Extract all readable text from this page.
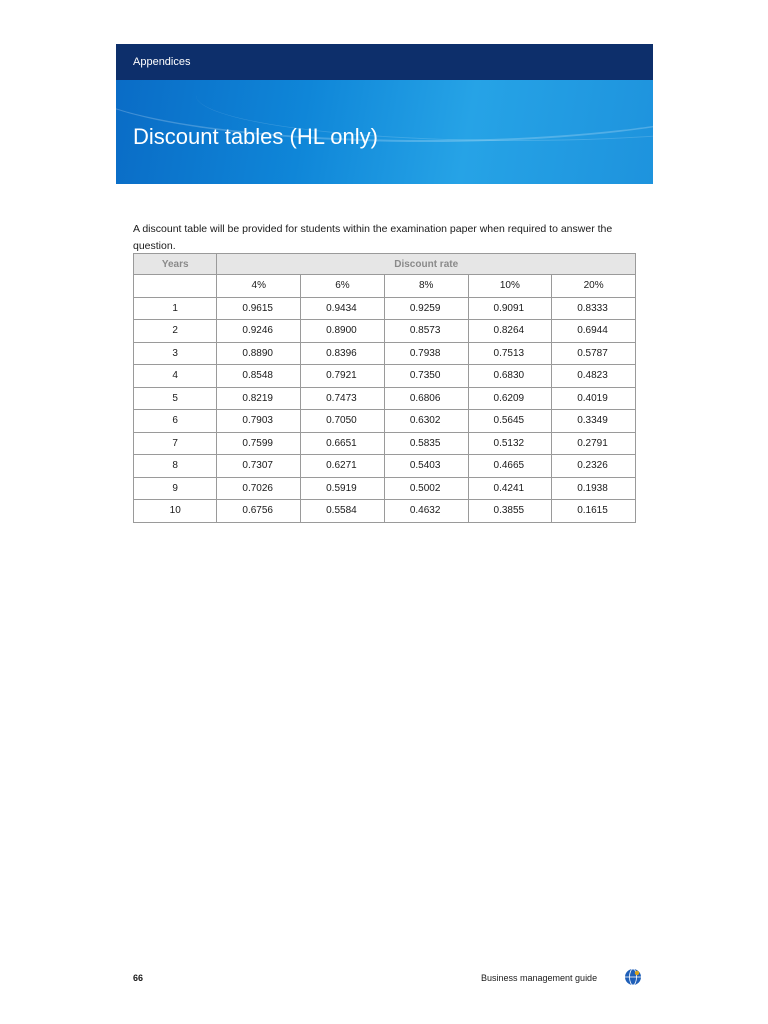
Appendices
Discount tables (HL only)

A discount table will be provided for students within the examination paper when required to answer the question.

Years	Discount rate				
	4%	6%	8%	10%	20%
1	0.9615	0.9434	0.9259	0.9091	0.8333
2	0.9246	0.8900	0.8573	0.8264	0.6944
3	0.8890	0.8396	0.7938	0.7513	0.5787
4	0.8548	0.7921	0.7350	0.6830	0.4823
5	0.8219	0.7473	0.6806	0.6209	0.4019
6	0.7903	0.7050	0.6302	0.5645	0.3349
7	0.7599	0.6651	0.5835	0.5132	0.2791
8	0.7307	0.6271	0.5403	0.4665	0.2326
9	0.7026	0.5919	0.5002	0.4241	0.1938
10	0.6756	0.5584	0.4632	0.3855	0.1615
66	Business management guide
